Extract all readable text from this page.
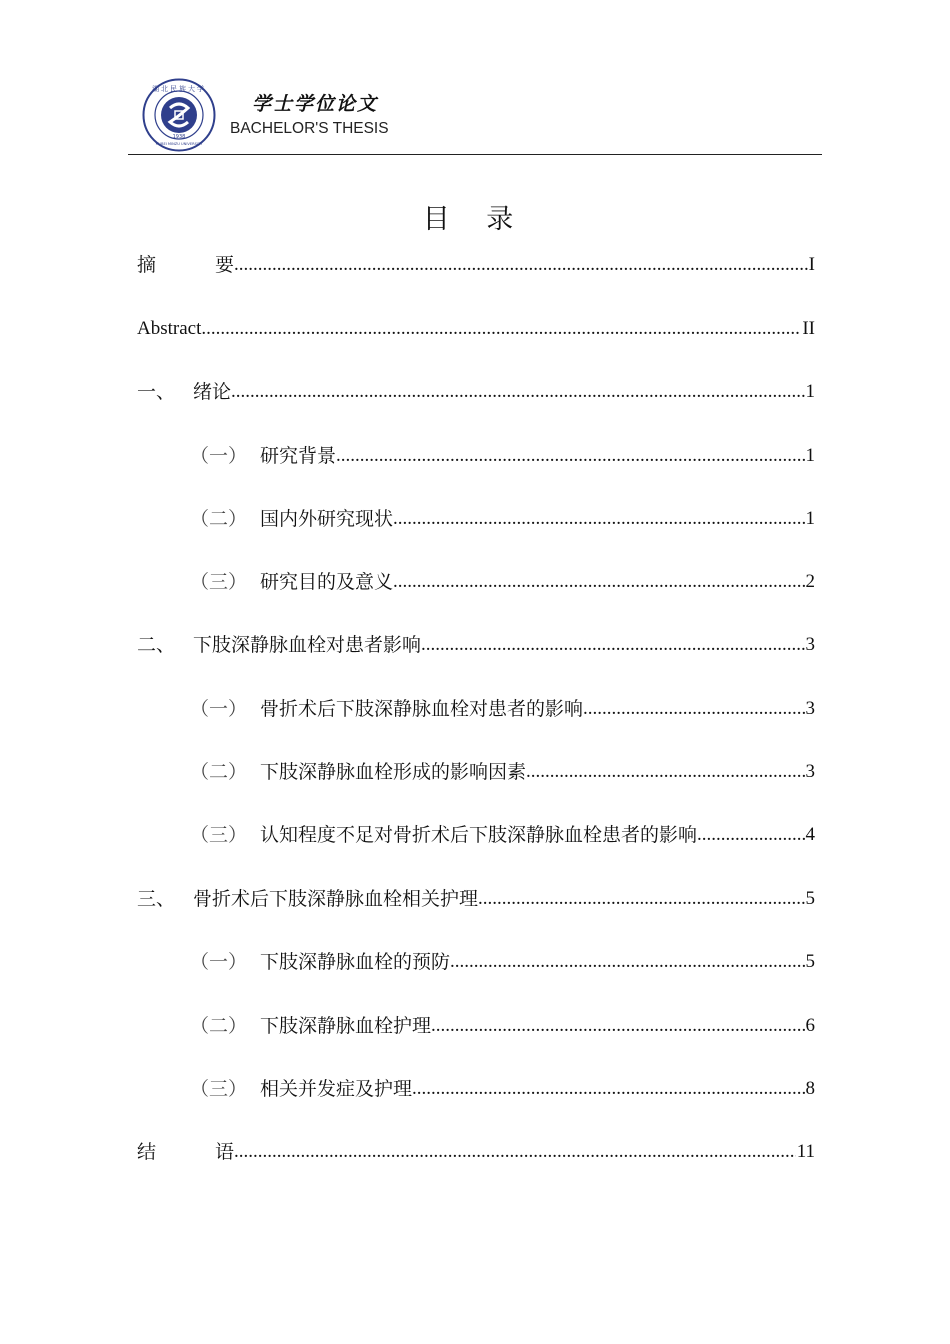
湖北民族大学
1938
HUBEI MINZU UNIVERSITY
学士学位论文
BACHELOR'S THESIS
目 录
摘　要 .....	I
Abstract .....	II
一、 绪论 .....	1
（一） 研究背景 .....	1
（二） 国内外研究现状 .....	1
（三） 研究目的及意义 .....	2
二、 下肢深静脉血栓对患者影响 .....	3
（一） 骨折术后下肢深静脉血栓对患者的影响 .....	3
（二） 下肢深静脉血栓形成的影响因素 .....	3
（三） 认知程度不足对骨折术后下肢深静脉血栓患者的影响 .....	4
三、 骨折术后下肢深静脉血栓相关护理 .....	5
（一） 下肢深静脉血栓的预防 .....	5
（二） 下肢深静脉血栓护理 .....	6
（三） 相关并发症及护理 .....	8
结　语 .....	11
